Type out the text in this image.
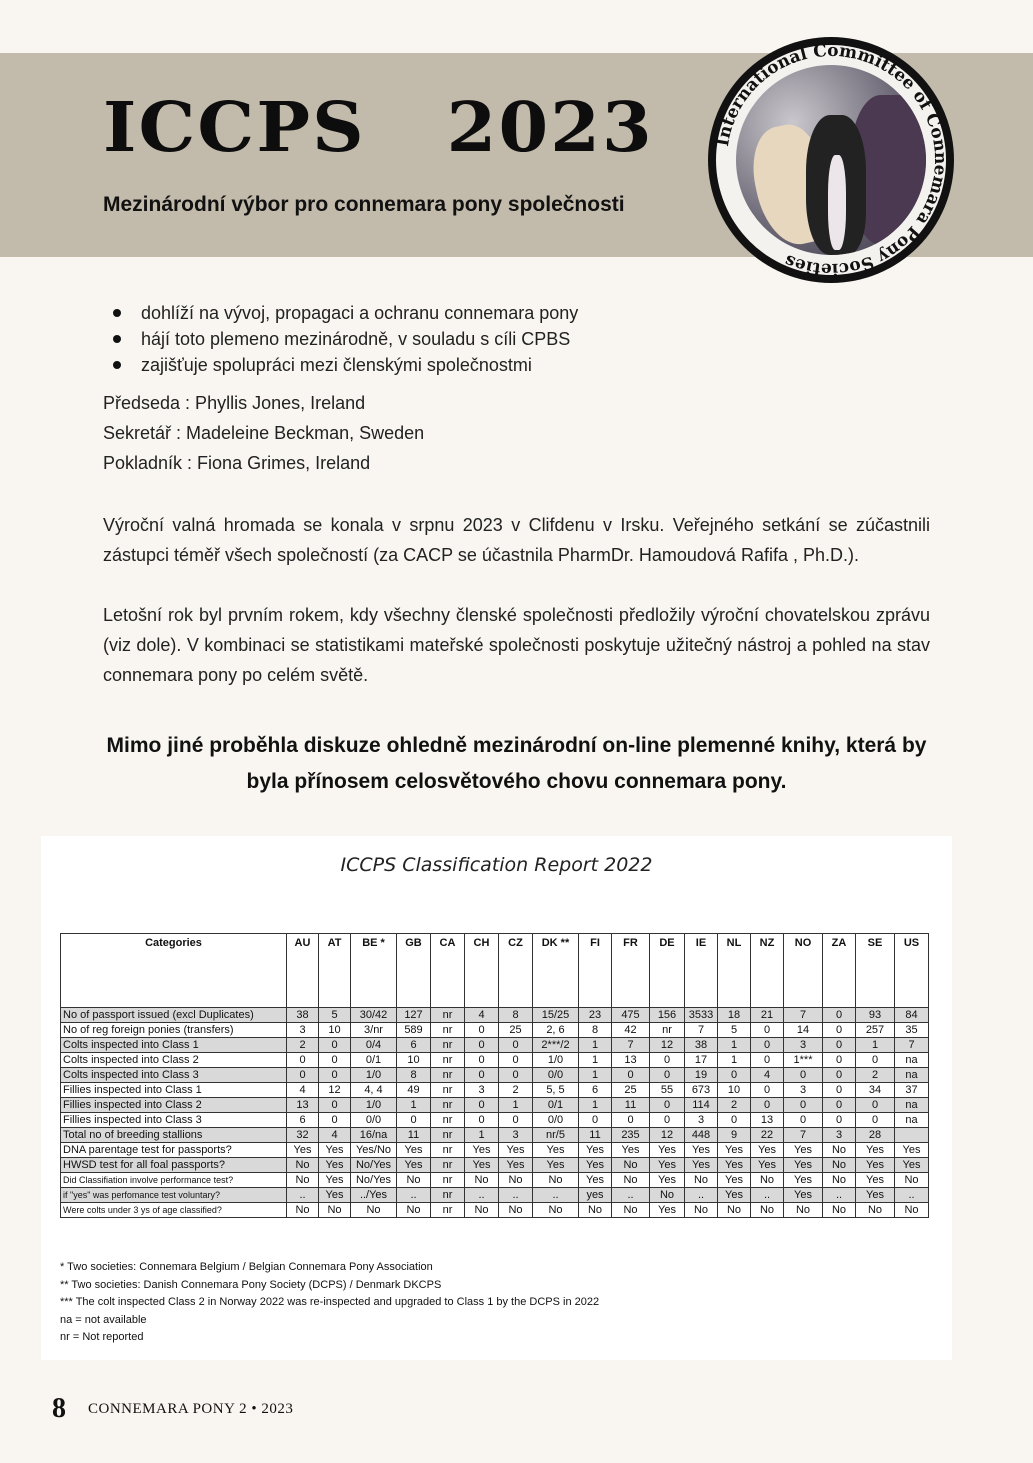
ICCPS   2023
Mezinárodní výbor pro connemara pony společnosti
International Committee of Connemara Pony Societies
dohlíží na vývoj, propagaci a ochranu connemara pony
hájí toto plemeno mezinárodně, v souladu s cíli CPBS
zajišťuje spolupráci mezi členskými společnostmi
Předseda : Phyllis Jones, Ireland
Sekretář : Madeleine Beckman, Sweden
Pokladník : Fiona Grimes, Ireland
Výroční valná hromada se konala v srpnu 2023 v Clifdenu v Irsku. Veřejného setkání se zúčastnili zástupci téměř všech společností (za CACP se účastnila PharmDr. Hamoudová Rafifa , Ph.D.).
Letošní rok byl prvním rokem, kdy všechny členské společnosti předložily výroční chovatelskou zprávu (viz dole). V kombinaci se statistikami mateřské společnosti poskytuje užitečný nástroj a pohled na stav connemara pony po celém světě.
Mimo jiné proběhla diskuze ohledně mezinárodní on-line plemenné knihy, která by byla přínosem celosvětového chovu connemara pony.
ICCPS Classification Report 2022
Categories	AU	AT	BE *	GB	CA	CH	CZ	DK **	FI	FR	DE	IE	NL	NZ	NO	ZA	SE	US
No of passport issued (excl Duplicates)	38	5	30/42	127	nr	4	8	15/25	23	475	156	3533	18	21	7	0	93	84
No of reg foreign ponies (transfers)	3	10	3/nr	589	nr	0	25	2, 6	8	42	nr	7	5	0	14	0	257	35
Colts inspected into Class 1	2	0	0/4	6	nr	0	0	2***/2	1	7	12	38	1	0	3	0	1	7
Colts inspected into Class 2	0	0	0/1	10	nr	0	0	1/0	1	13	0	17	1	0	1***	0	0	na
Colts inspected into Class 3	0	0	1/0	8	nr	0	0	0/0	1	0	0	19	0	4	0	0	2	na
Fillies inspected into Class 1	4	12	4, 4	49	nr	3	2	5, 5	6	25	55	673	10	0	3	0	34	37
Fillies inspected into Class 2	13	0	1/0	1	nr	0	1	0/1	1	11	0	114	2	0	0	0	0	na
Fillies inspected into Class 3	6	0	0/0	0	nr	0	0	0/0	0	0	0	3	0	13	0	0	0	na
Total no of breeding stallions	32	4	16/na	11	nr	1	3	nr/5	11	235	12	448	9	22	7	3	28	
DNA parentage test for passports?	Yes	Yes	Yes/No	Yes	nr	Yes	Yes	Yes	Yes	Yes	Yes	Yes	Yes	Yes	Yes	No	Yes	Yes
HWSD test for all foal passports?	No	Yes	No/Yes	Yes	nr	Yes	Yes	Yes	Yes	No	Yes	Yes	Yes	Yes	Yes	No	Yes	Yes
Did Classifiation involve performance test?	No	Yes	No/Yes	No	nr	No	No	No	Yes	No	Yes	No	Yes	No	Yes	No	Yes	No
if "yes" was perfomance test voluntary?	..	Yes	../Yes	..	nr	..	..	..	yes	..	No	..	Yes	..	Yes	..	Yes	..
Were colts under 3 ys of age classified?	No	No	No	No	nr	No	No	No	No	No	Yes	No	No	No	No	No	No	No
* Two societies: Connemara Belgium / Belgian Connemara Pony Association
** Two societies: Danish Connemara Pony Society (DCPS) / Denmark DKCPS
*** The colt inspected Class 2 in Norway 2022 was re-inspected and upgraded to Class 1 by the DCPS in 2022
na = not available
nr = Not reported
8 CONNEMARA PONY 2 • 2023
